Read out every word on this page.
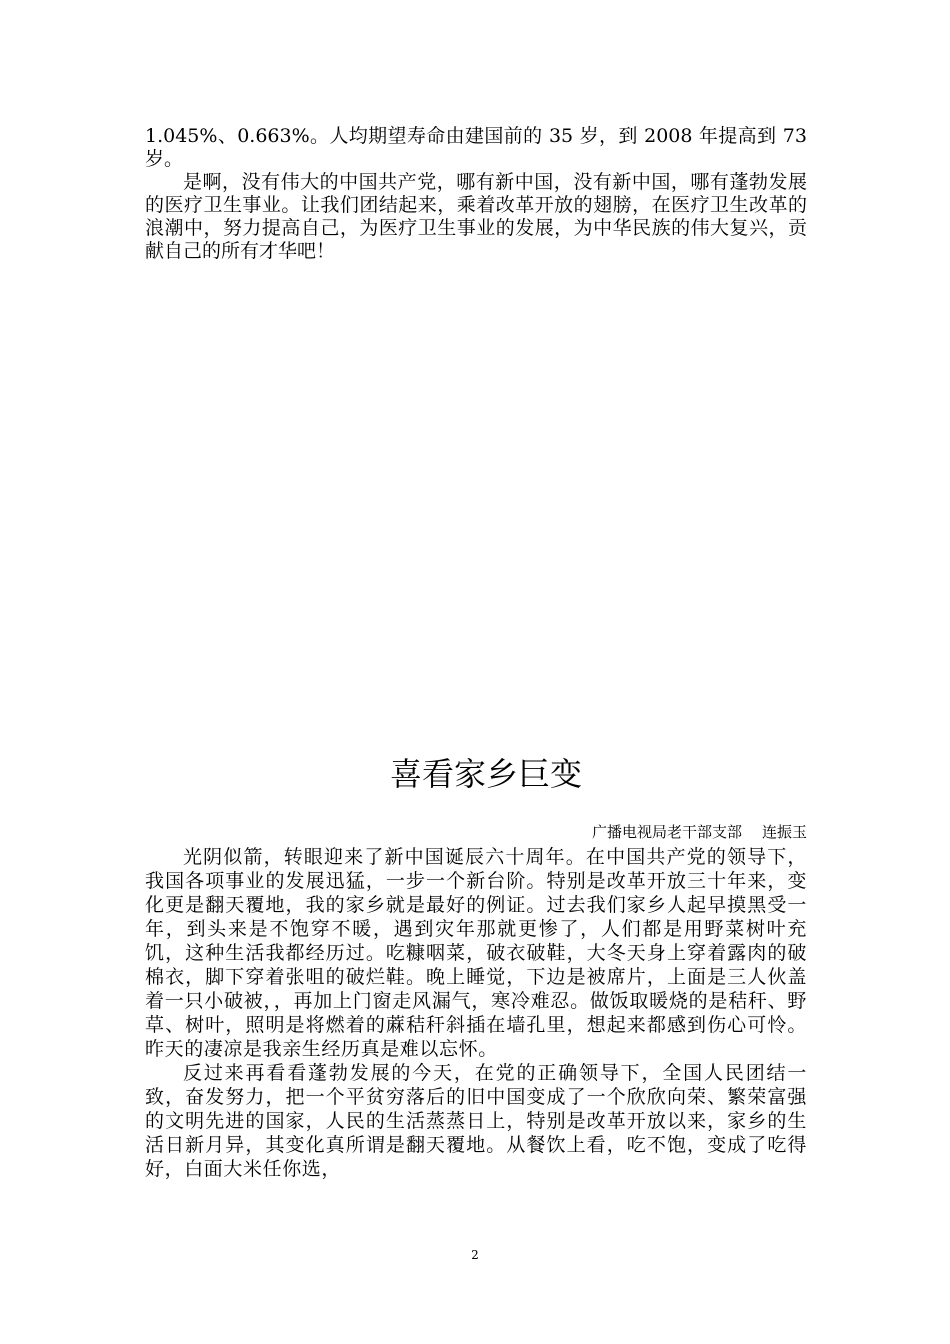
1.045%、0.663%。人均期望寿命由建国前的 35 岁，到 2008 年提高到 73 岁。

是啊，没有伟大的中国共产党，哪有新中国，没有新中国，哪有蓬勃发展的医疗卫生事业。让我们团结起来，乘着改革开放的翅膀，在医疗卫生改革的浪潮中，努力提高自己，为医疗卫生事业的发展，为中华民族的伟大复兴，贡献自己的所有才华吧！

喜看家乡巨变
广播电视局老干部支部 连振玉

光阴似箭，转眼迎来了新中国诞辰六十周年。在中国共产党的领导下，我国各项事业的发展迅猛，一步一个新台阶。特别是改革开放三十年来，变化更是翻天覆地，我的家乡就是最好的例证。过去我们家乡人起早摸黑受一年，到头来是不饱穿不暖，遇到灾年那就更惨了，人们都是用野菜树叶充饥，这种生活我都经历过。吃糠咽菜，破衣破鞋，大冬天身上穿着露肉的破棉衣，脚下穿着张咀的破烂鞋。晚上睡觉，下边是被席片，上面是三人伙盖着一只小破被，，再加上门窗走风漏气，寒冷难忍。做饭取暖烧的是秸秆、野草、树叶，照明是将燃着的蔴秸秆斜插在墙孔里，想起来都感到伤心可怜。昨天的凄凉是我亲生经历真是难以忘怀。

反过来再看看蓬勃发展的今天，在党的正确领导下，全国人民团结一致，奋发努力，把一个平贫穷落后的旧中国变成了一个欣欣向荣、繁荣富强的文明先进的国家，人民的生活蒸蒸日上，特别是改革开放以来，家乡的生活日新月异，其变化真所谓是翻天覆地。从餐饮上看，吃不饱，变成了吃得好，白面大米任你选，

2
